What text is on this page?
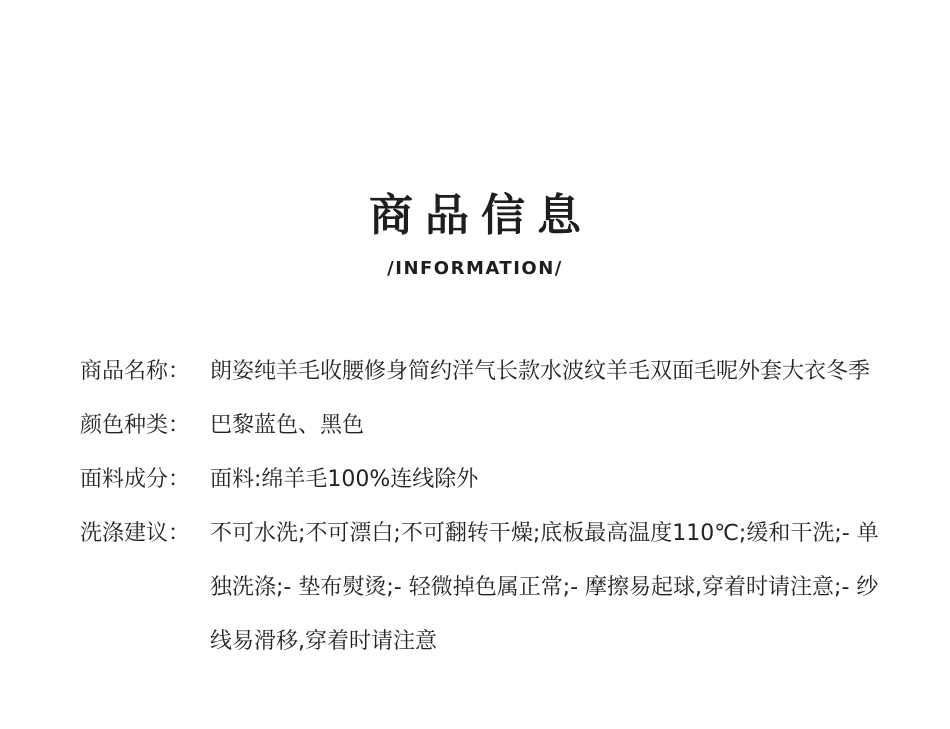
商品信息
/INFORMATION/
商品名称： 朗姿纯羊毛收腰修身简约洋气长款水波纹羊毛双面毛呢外套大衣冬季
颜色种类： 巴黎蓝色、黑色
面料成分： 面料:绵羊毛100%连线除外
洗涤建议： 不可水洗;不可漂白;不可翻转干燥;底板最高温度110℃;缓和干洗;- 单独洗涤;- 垫布熨烫;- 轻微掉色属正常;- 摩擦易起球,穿着时请注意;- 纱线易滑移,穿着时请注意
